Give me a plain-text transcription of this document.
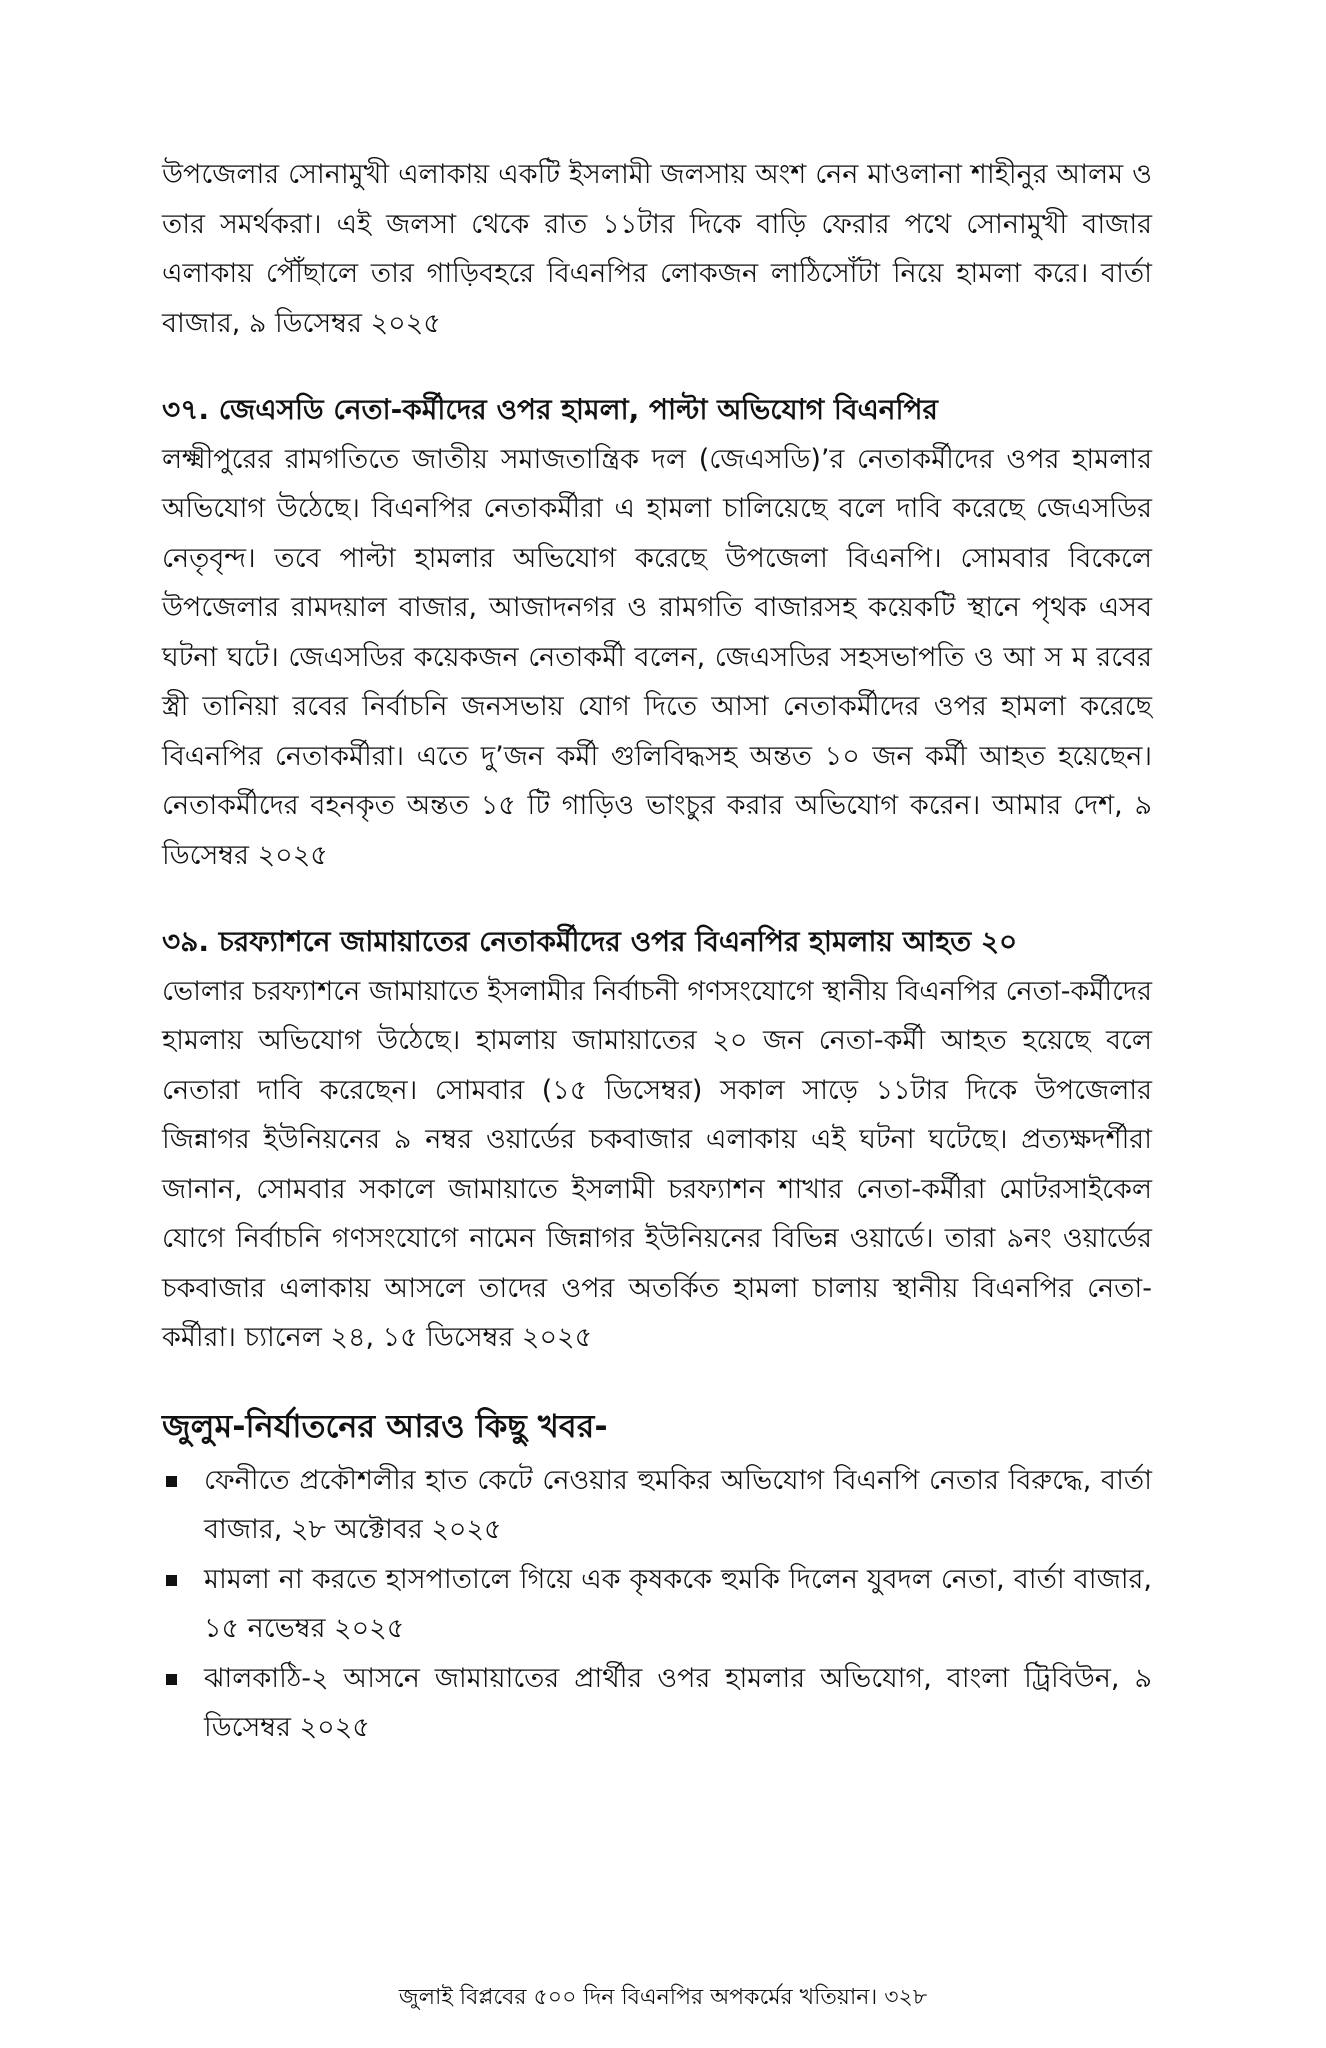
উপজেলার সোনামুখী এলাকায় একটি ইসলামী জলসায় অংশ নেন মাওলানা শাহীনুর আলম ও তার সমর্থকরা। এই জলসা থেকে রাত ১১টার দিকে বাড়ি ফেরার পথে সোনামুখী বাজার এলাকায় পৌঁছালে তার গাড়িবহরে বিএনপির লোকজন লাঠিসোঁটা নিয়ে হামলা করে। বার্তা বাজার, ৯ ডিসেম্বর ২০২৫

৩৭. জেএসডি নেতা-কর্মীদের ওপর হামলা, পাল্টা অভিযোগ বিএনপির

লক্ষ্মীপুরের রামগতিতে জাতীয় সমাজতান্ত্রিক দল (জেএসডি)’র নেতাকর্মীদের ওপর হামলার অভিযোগ উঠেছে। বিএনপির নেতাকর্মীরা এ হামলা চালিয়েছে বলে দাবি করেছে জেএসডির নেতৃবৃন্দ। তবে পাল্টা হামলার অভিযোগ করেছে উপজেলা বিএনপি। সোমবার বিকেলে উপজেলার রামদয়াল বাজার, আজাদনগর ও রামগতি বাজারসহ কয়েকটি স্থানে পৃথক এসব ঘটনা ঘটে। জেএসডির কয়েকজন নেতাকর্মী বলেন, জেএসডির সহসভাপতি ও আ স ম রবের স্ত্রী তানিয়া রবের নির্বাচনি জনসভায় যোগ দিতে আসা নেতাকর্মীদের ওপর হামলা করেছে বিএনপির নেতাকর্মীরা। এতে দু’জন কর্মী গুলিবিদ্ধসহ অন্তত ১০ জন কর্মী আহত হয়েছেন। নেতাকর্মীদের বহনকৃত অন্তত ১৫ টি গাড়িও ভাংচুর করার অভিযোগ করেন। আমার দেশ, ৯ ডিসেম্বর ২০২৫

৩৯. চরফ্যাশনে জামায়াতের নেতাকর্মীদের ওপর বিএনপির হামলায় আহত ২০

ভোলার চরফ্যাশনে জামায়াতে ইসলামীর নির্বাচনী গণসংযোগে স্থানীয় বিএনপির নেতা-কর্মীদের হামলায় অভিযোগ উঠেছে। হামলায় জামায়াতের ২০ জন নেতা-কর্মী আহত হয়েছে বলে নেতারা দাবি করেছেন। সোমবার (১৫ ডিসেম্বর) সকাল সাড়ে ১১টার দিকে উপজেলার জিন্নাগর ইউনিয়নের ৯ নম্বর ওয়ার্ডের চকবাজার এলাকায় এই ঘটনা ঘটেছে। প্রত্যক্ষদর্শীরা জানান, সোমবার সকালে জামায়াতে ইসলামী চরফ্যাশন শাখার নেতা-কর্মীরা মোটরসাইকেল যোগে নির্বাচনি গণসংযোগে নামেন জিন্নাগর ইউনিয়নের বিভিন্ন ওয়ার্ডে। তারা ৯নং ওয়ার্ডের চকবাজার এলাকায় আসলে তাদের ওপর অতর্কিত হামলা চালায় স্থানীয় বিএনপির নেতা-কর্মীরা। চ্যানেল ২৪, ১৫ ডিসেম্বর ২০২৫

জুলুম-নির্যাতনের আরও কিছু খবর-
ফেনীতে প্রকৌশলীর হাত কেটে নেওয়ার হুমকির অভিযোগ বিএনপি নেতার বিরুদ্ধে, বার্তা বাজার, ২৮ অক্টোবর ২০২৫
মামলা না করতে হাসপাতালে গিয়ে এক কৃষককে হুমকি দিলেন যুবদল নেতা, বার্তা বাজার, ১৫ নভেম্বর ২০২৫
ঝালকাঠি-২ আসনে জামায়াতের প্রার্থীর ওপর হামলার অভিযোগ, বাংলা ট্রিবিউন, ৯ ডিসেম্বর ২০২৫
জুলাই বিপ্লবের ৫০০ দিন বিএনপির অপকর্মের খতিয়ান। ৩২৮
